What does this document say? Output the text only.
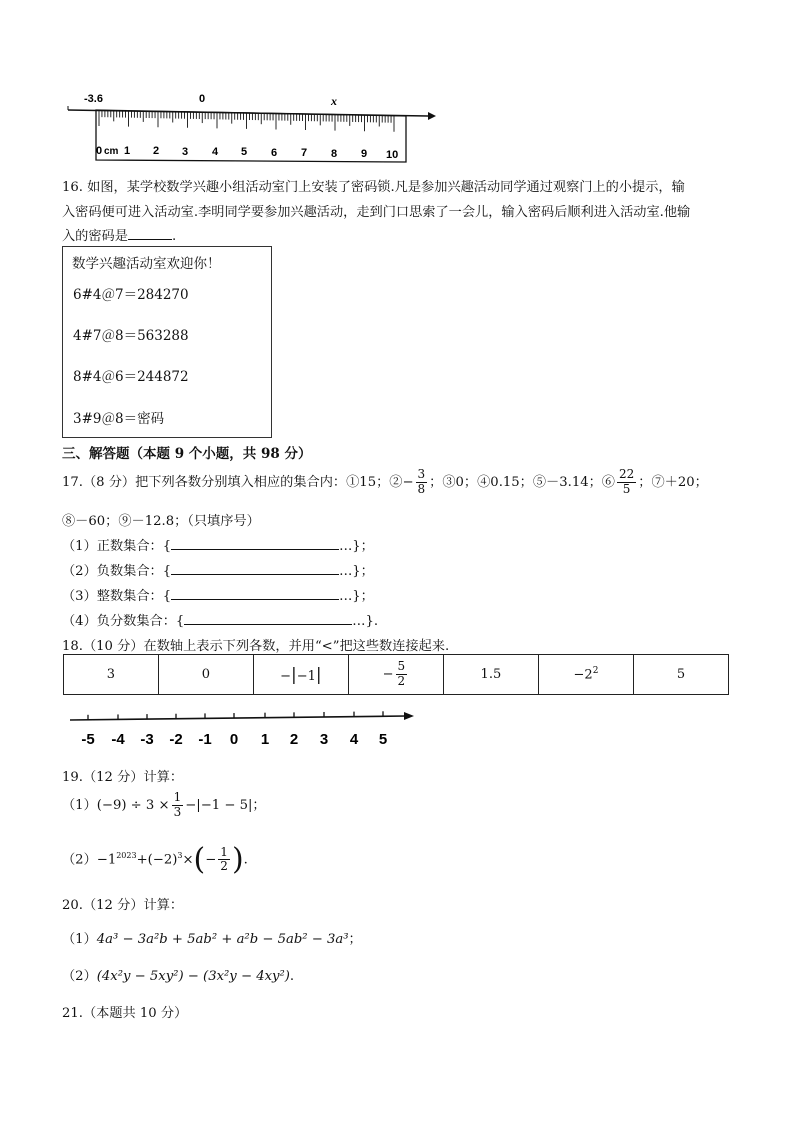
-3.6	0	x
0 cm 1 2 3 4 5 6 7 8 9 10
16. 如图，某学校数学兴趣小组活动室门上安装了密码锁.凡是参加兴趣活动同学通过观察门上的小提示，输
入密码便可进入活动室.李明同学要参加兴趣活动，走到门口思索了一会儿，输入密码后顺利进入活动室.他输
入的密码是	.
数学兴趣活动室欢迎你！
6#4＠7＝284270
4#7＠8＝563288
8#4＠6＝244872
3#9＠8＝密码
三、解答题（本题 9 个小题，共 98 分）
17.（8 分）把下列各数分别填入相应的集合内：①15；②− $\frac{3}{8}$ ；③0；④0.15；⑤－3.14；⑥ $\frac{22}{5}$ ；⑦＋20；
⑧－60；⑨－12.8；（只填序号）
（1）正数集合：{	…}；
（2）负数集合：{	…}；
（3）整数集合：{	…}；
（4）负分数集合：{	…}.
18.（10 分）在数轴上表示下列各数，并用“<”把这些数连接起来.
3	0	−|−1|	− $\frac{5}{2}$	1.5	$-2^2$	5
-5 -4 -3 -2 -1 0 1 2 3 4 5
19.（12 分）计算：
$(1)(-9) \div 3 \times \frac{1}{3} -|-1 - 5|$；
$(2)-1^{2023}+(-2)^3\times(- \frac{1}{2}$ ).
20.（12 分）计算：
（1）4a³ − 3a²b + 5ab² + a²b − 5ab² − 3a³；
（2）(4x²y − 5xy²) − (3x²y − 4xy²).
21.（本题共 10 分）
